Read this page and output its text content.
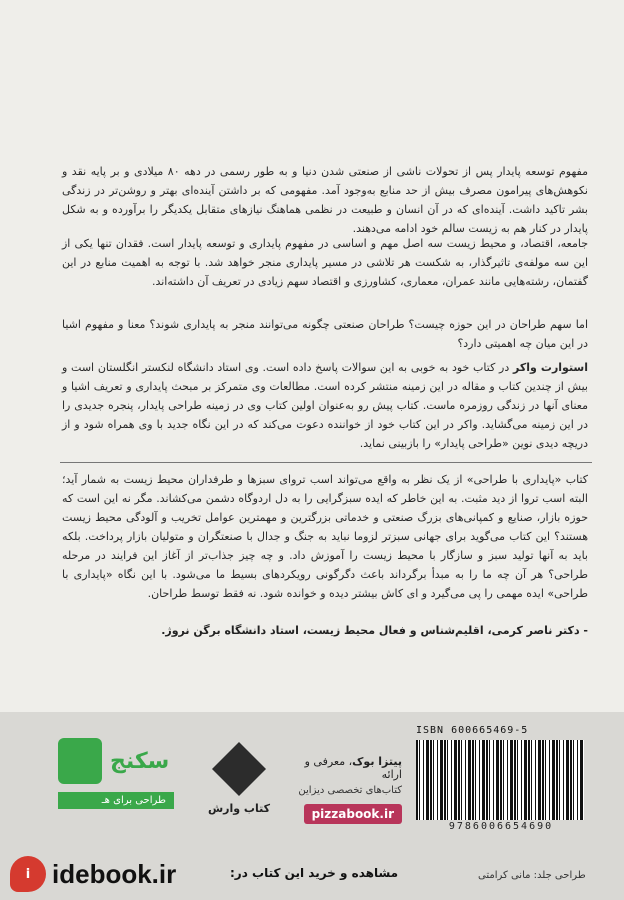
مفهوم توسعه پایدار پس از تحولات ناشی از صنعتی شدن دنیا و به طور رسمی در دهه ۸۰ میلادی و بر پایه نقد و نکوهش‌های پیرامون مصرف بیش از حد منابع به‌وجود آمد. مفهومی که بر داشتن آینده‌ای بهتر و روشن‌تر در زندگی بشر تاکید داشت. آینده‌ای که در آن انسان و طبیعت در نظمی هماهنگ نیازهای متقابل یکدیگر را برآورده و به شکل پایدار در کنار هم به زیست سالم خود ادامه می‌دهند.
جامعه، اقتصاد، و محیط زیست سه اصل مهم و اساسی در مفهوم پایداری و توسعه پایدار است. فقدان تنها یکی از این سه مولفه‌ی تاثیرگذار، به شکست هر تلاشی در مسیر پایداری منجر خواهد شد. با توجه به اهمیت منابع در این گفتمان، رشته‌هایی مانند عمران، معماری، کشاورزی و اقتصاد سهم زیادی در تعریف آن داشته‌اند.
اما سهم طراحان در این حوزه چیست؟ طراحان صنعتی چگونه می‌توانند منجر به پایداری شوند؟ معنا و مفهوم اشیا در این میان چه اهمیتی دارد؟
استوارت واکر در کتاب خود به خوبی به این سوالات پاسخ داده است. وی استاد دانشگاه لنکستر انگلستان است و بیش از چندین کتاب و مقاله در این زمینه منتشر کرده است. مطالعات وی متمرکز بر مبحث پایداری و تعریف اشیا و معنای آنها در زندگی روزمره ماست. کتاب پیش رو به‌عنوان اولین کتاب وی در زمینه طراحی پایدار، پنجره جدیدی را در این زمینه می‌گشاید. واکر در این کتاب خود از خواننده دعوت می‌کند که در این نگاه جدید با وی همراه شود و از دریچه دیدی نوین «طراحی پایدار» را بازبینی نماید.
کتاب «پایداری با طراحی» از یک نظر به واقع می‌تواند اسب تروای سبزها و طرفداران محیط زیست به شمار آید؛ البته اسب تروا از دید مثبت. به این خاطر که ایده سبزگرایی را به دل اردوگاه دشمن می‌کشاند. مگر نه این است که حوزه بازار، صنایع و کمپانی‌های بزرگ صنعتی و خدماتی بزرگترین و مهمترین عوامل تخریب و آلودگی محیط زیست هستند؟ این کتاب می‌گوید برای جهانی سبزتر لزوما نباید به جنگ و جدال با صنعتگران و متولیان بازار پرداخت. بلکه باید به آنها تولید سبز و سازگار با محیط زیست را آموزش داد. و چه چیز جذاب‌تر از آغاز این فرایند در مرحله طراحی؟ هر آن چه ما را به مبدأ برگرداند باعث دگرگونی رویکردهای بسیط ما می‌شود. با این نگاه «پایداری با طراحی» ایده مهمی را پی می‌گیرد و ای کاش بیشتر دیده و خوانده شود. نه فقط توسط طراحان.
- دکتر ناصر کرمی، اقلیم‌شناس و فعال محیط زیست، استاد دانشگاه برگن نروژ.
ISBN 600665469-5
9786006654690
پیتزا بوک، معرفی و ارائه
کتاب‌های تخصصی دیزاین
pizzabook.ir
کتاب وارش
سکنج
طراحی برای هـ
i idebook.ir	مشاهده و خرید این کتاب در:	طراحی جلد: مانی کرامتی
